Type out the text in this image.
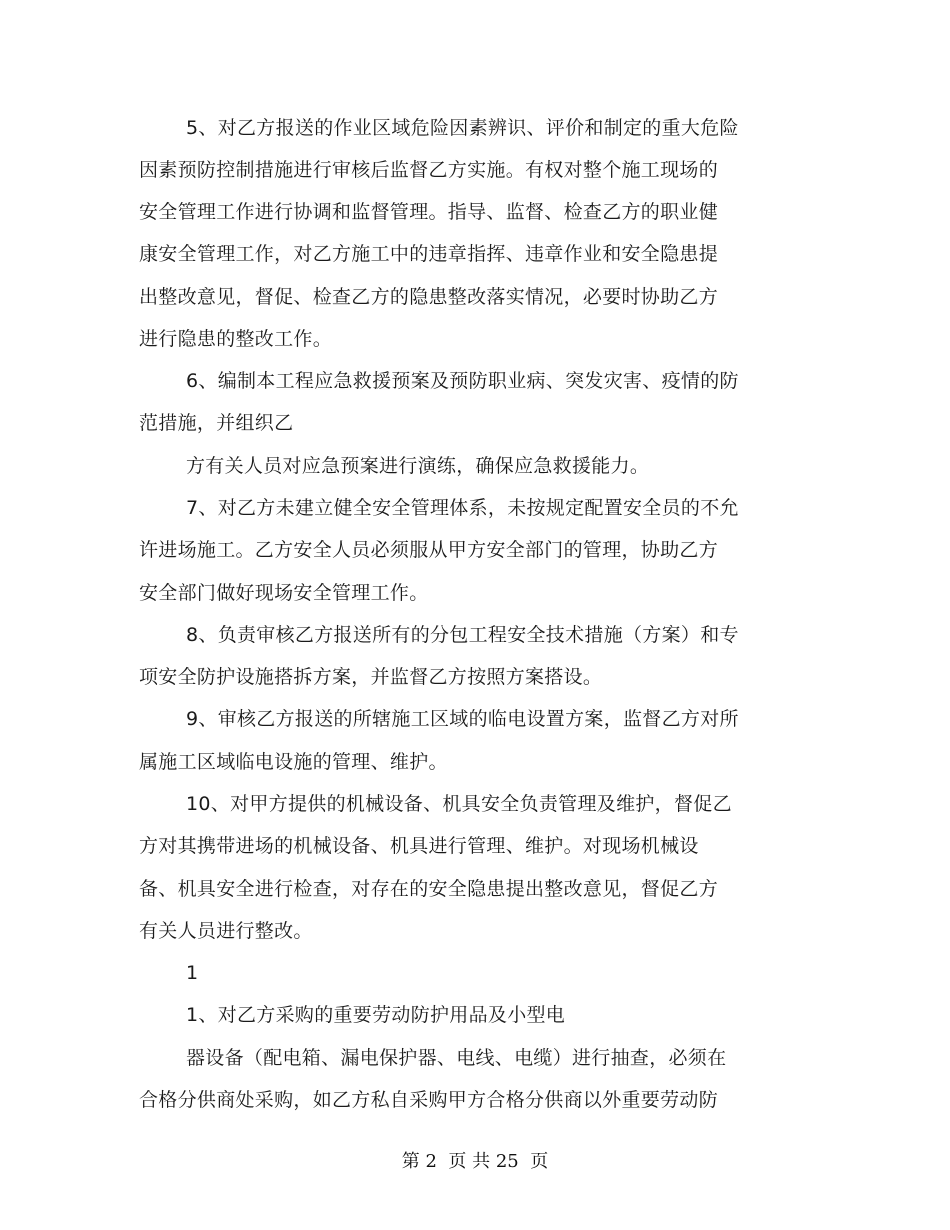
5、对乙方报送的作业区域危险因素辨识、评价和制定的重大危险
因素预防控制措施进行审核后监督乙方实施。有权对整个施工现场的
安全管理工作进行协调和监督管理。指导、监督、检查乙方的职业健
康安全管理工作，对乙方施工中的违章指挥、违章作业和安全隐患提
出整改意见，督促、检查乙方的隐患整改落实情况，必要时协助乙方
进行隐患的整改工作。
6、编制本工程应急救援预案及预防职业病、突发灾害、疫情的防
范措施，并组织乙
方有关人员对应急预案进行演练，确保应急救援能力。
7、对乙方未建立健全安全管理体系，未按规定配置安全员的不允
许进场施工。乙方安全人员必须服从甲方安全部门的管理，协助乙方
安全部门做好现场安全管理工作。
8、负责审核乙方报送所有的分包工程安全技术措施（方案）和专
项安全防护设施搭拆方案，并监督乙方按照方案搭设。
9、审核乙方报送的所辖施工区域的临电设置方案，监督乙方对所
属施工区域临电设施的管理、维护。
10、对甲方提供的机械设备、机具安全负责管理及维护，督促乙
方对其携带进场的机械设备、机具进行管理、维护。对现场机械设
备、机具安全进行检查，对存在的安全隐患提出整改意见，督促乙方
有关人员进行整改。
1
1、对乙方采购的重要劳动防护用品及小型电
器设备（配电箱、漏电保护器、电线、电缆）进行抽查，必须在
合格分供商处采购，如乙方私自采购甲方合格分供商以外重要劳动防
第 2  页 共 25  页
